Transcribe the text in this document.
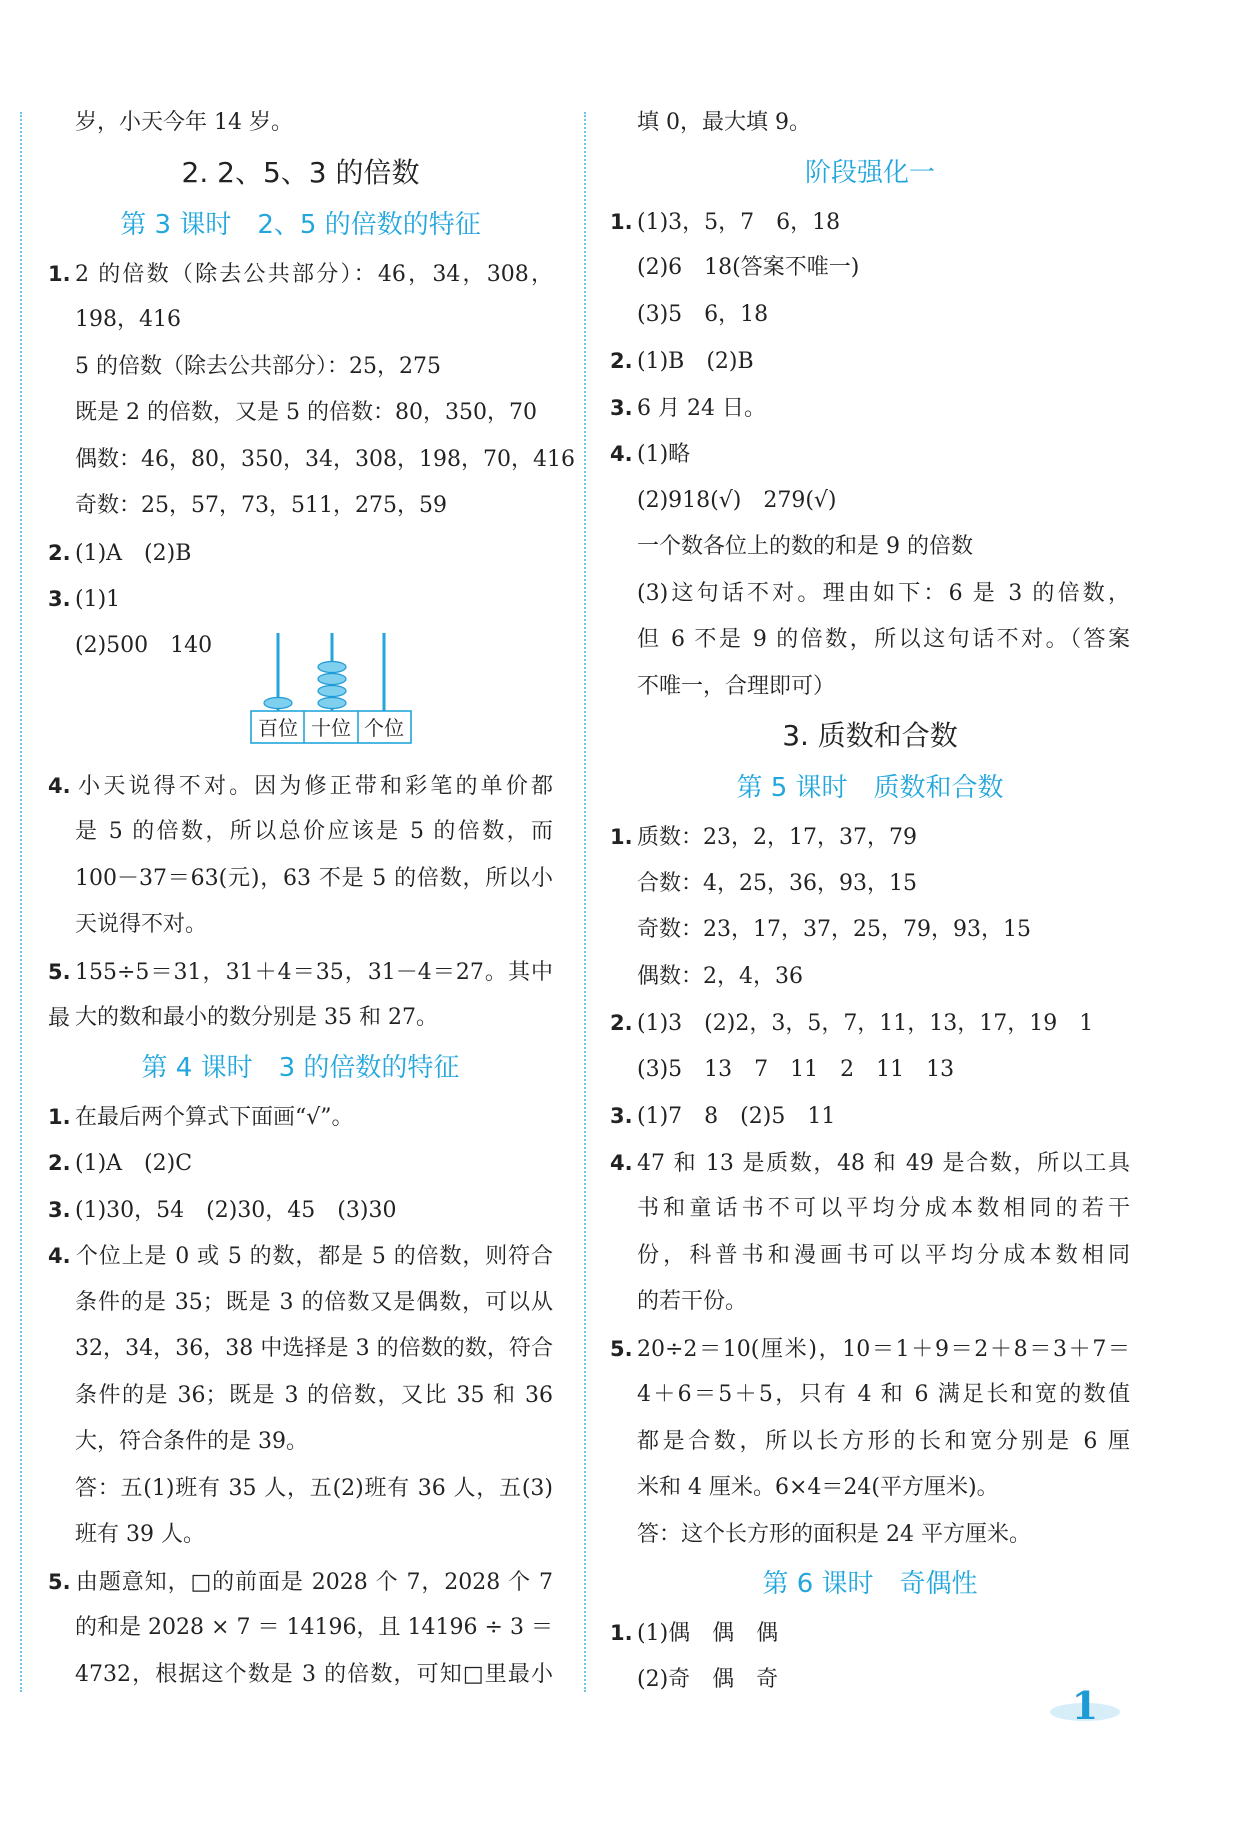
岁，小天今年 14 岁。
2. 2、5、3 的倍数
第 3 课时　2、5 的倍数的特征
1. 2 的倍数（除去公共部分）：46，34，308，
198，416
5 的倍数（除去公共部分）：25，275
既是 2 的倍数，又是 5 的倍数：80，350，70
偶数：46，80，350，34，308，198，70，416
奇数：25，57，73，511，275，59
2. (1)A　(2)B
3. (1)1
(2)500　140
百位 十位 个位
4. 小天说得不对。因为修正带和彩笔的单价都
是 5 的倍数，所以总价应该是 5 的倍数，而
100－37＝63(元)，63 不是 5 的倍数，所以小
天说得不对。
5. 155÷5＝31，31＋4＝35，31－4＝27。其中最 大的数和最小的数分别是 35 和 27。
第 4 课时　3 的倍数的特征
1. 在最后两个算式下面画“√”。
2. (1)A　(2)C
3. (1)30，54　(2)30，45　(3)30
4. 个位上是 0 或 5 的数，都是 5 的倍数，则符合
条件的是 35；既是 3 的倍数又是偶数，可以从
32，34，36，38 中选择是 3 的倍数的数，符合
条件的是 36；既是 3 的倍数，又比 35 和 36
大，符合条件的是 39。
答：五(1)班有 35 人，五(2)班有 36 人，五(3)
班有 39 人。
5. 由题意知，□的前面是 2028 个 7，2028 个 7
的和是 2028 × 7 ＝ 14196，且 14196 ÷ 3 ＝
4732，根据这个数是 3 的倍数，可知□里最小
填 0，最大填 9。
阶段强化一
1. (1)3，5，7　6，18
(2)6　18(答案不唯一)
(3)5　6，18
2. (1)B　(2)B
3. 6 月 24 日。
4. (1)略
(2)918(√)　279(√)
一个数各位上的数的和是 9 的倍数
(3)这句话不对。理由如下：6 是 3 的倍数，
但 6 不是 9 的倍数，所以这句话不对。（答案
不唯一，合理即可）
3. 质数和合数
第 5 课时　质数和合数
1. 质数：23，2，17，37，79
合数：4，25，36，93，15
奇数：23，17，37，25，79，93，15
偶数：2，4，36
2. (1)3　(2)2，3，5，7，11，13，17，19　1
(3)5　13　7　11　2　11　13
3. (1)7　8　(2)5　11
4. 47 和 13 是质数，48 和 49 是合数，所以工具
书和童话书不可以平均分成本数相同的若干
份，科普书和漫画书可以平均分成本数相同
的若干份。
5. 20÷2＝10(厘米)，10＝1＋9＝2＋8＝3＋7＝
4＋6＝5＋5，只有 4 和 6 满足长和宽的数值
都是合数，所以长方形的长和宽分别是 6 厘
米和 4 厘米。6×4＝24(平方厘米)。
答：这个长方形的面积是 24 平方厘米。
第 6 课时　奇偶性
1. (1)偶　偶　偶
(2)奇　偶　奇
1
